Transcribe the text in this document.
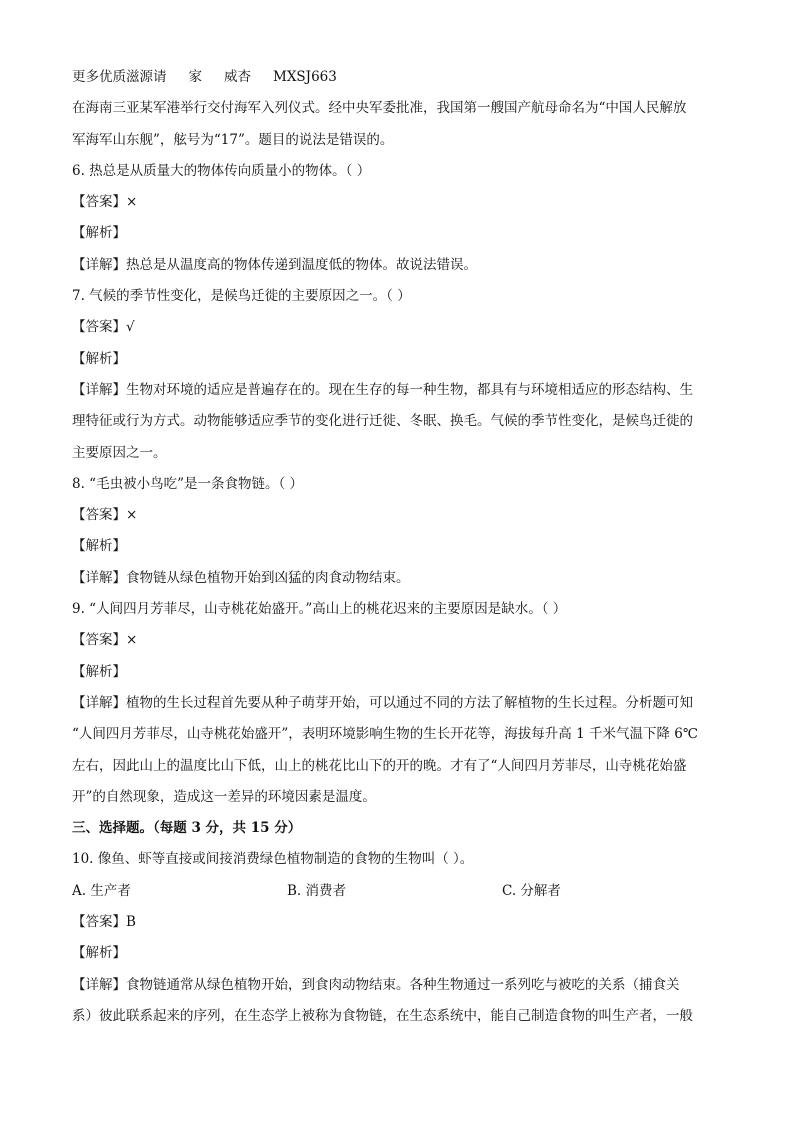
更多优质滋源请 家 威杏 MXSJ663
在海南三亚某军港举行交付海军入列仪式。经中央军委批准，我国第一艘国产航母命名为“中国人民解放
军海军山东舰”，舷号为“17”。题目的说法是错误的。
6. 热总是从质量大的物体传向质量小的物体。（ ）
【答案】×
【解析】
【详解】热总是从温度高的物体传递到温度低的物体。故说法错误。
7. 气候的季节性变化，是候鸟迁徙的主要原因之一。（ ）
【答案】√
【解析】
【详解】生物对环境的适应是普遍存在的。现在生存的每一种生物，都具有与环境相适应的形态结构、生
理特征或行为方式。动物能够适应季节的变化进行迁徙、冬眠、换毛。气候的季节性变化，是候鸟迁徙的
主要原因之一。
8. “毛虫被小鸟吃”是一条食物链。（ ）
【答案】×
【解析】
【详解】食物链从绿色植物开始到凶猛的肉食动物结束。
9. “人间四月芳菲尽，山寺桃花始盛开。”高山上的桃花迟来的主要原因是缺水。（ ）
【答案】×
【解析】
【详解】植物的生长过程首先要从种子萌芽开始，可以通过不同的方法了解植物的生长过程。分析题可知
“人间四月芳菲尽，山寺桃花始盛开”，表明环境影响生物的生长开花等，海拔每升高 1 千米气温下降 6℃
左右，因此山上的温度比山下低，山上的桃花比山下的开的晚。才有了“人间四月芳菲尽，山寺桃花始盛
开”的自然现象，造成这一差异的环境因素是温度。
三、选择题。（每题 3 分，共 15 分）
10. 像鱼、虾等直接或间接消费绿色植物制造的食物的生物叫（ ）。
A. 生产者	B. 消费者	C. 分解者
【答案】B
【解析】
【详解】食物链通常从绿色植物开始，到食肉动物结束。各种生物通过一系列吃与被吃的关系（捕食关
系）彼此联系起来的序列，在生态学上被称为食物链，在生态系统中，能自己制造食物的叫生产者，一般
